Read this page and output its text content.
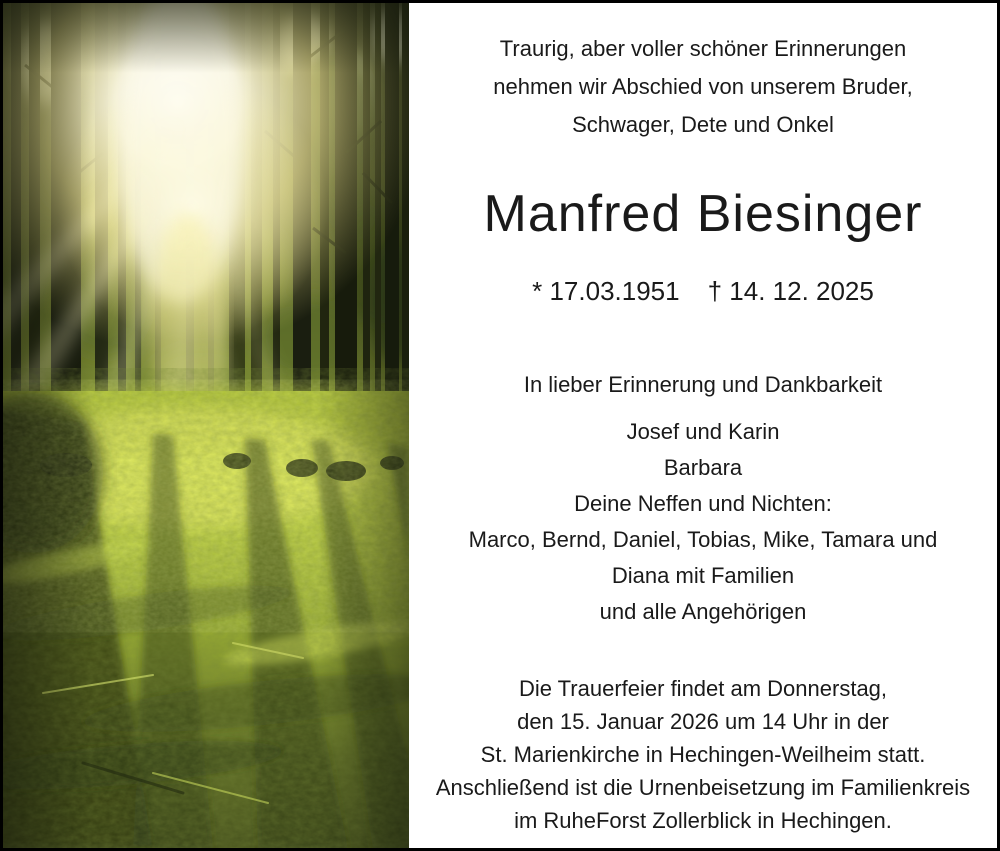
Traurig, aber voller schöner Erinnerungen
nehmen wir Abschied von unserem Bruder,
Schwager, Dete und Onkel
Manfred Biesinger
* 17.03.1951 † 14. 12. 2025
In lieber Erinnerung und Dankbarkeit
Josef und Karin
Barbara
Deine Neffen und Nichten:
Marco, Bernd, Daniel, Tobias, Mike, Tamara und
Diana mit Familien
und alle Angehörigen
Die Trauerfeier findet am Donnerstag,
den 15. Januar 2026 um 14 Uhr in der
St. Marienkirche in Hechingen-Weilheim statt.
Anschließend ist die Urnenbeisetzung im Familienkreis
im RuheForst Zollerblick in Hechingen.
